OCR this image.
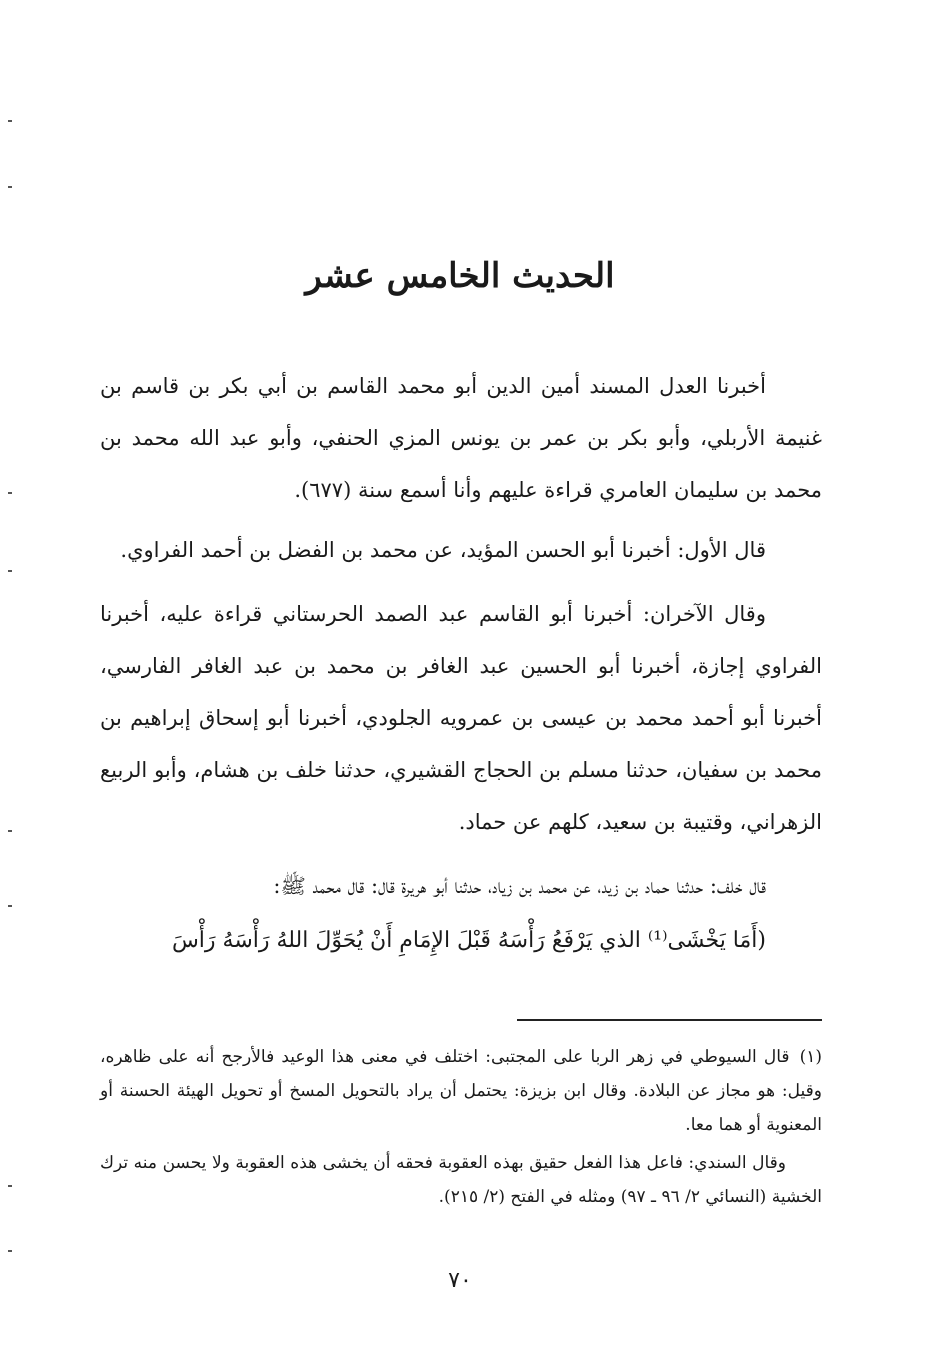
الحديث الخامس عشر

أخبرنا العدل المسند أمين الدين أبو محمد القاسم بن أبي بكر بن قاسم بن غنيمة الأربلي، وأبو بكر بن عمر بن يونس المزي الحنفي، وأبو عبد الله محمد بن محمد بن سليمان العامري قراءة عليهم وأنا أسمع سنة (٦٧٧).

قال الأول: أخبرنا أبو الحسن المؤيد، عن محمد بن الفضل بن أحمد الفراوي.

وقال الآخران: أخبرنا أبو القاسم عبد الصمد الحرستاني قراءة عليه، أخبرنا الفراوي إجازة، أخبرنا أبو الحسين عبد الغافر بن محمد بن عبد الغافر الفارسي، أخبرنا أبو أحمد محمد بن عيسى بن عمرويه الجلودي، أخبرنا أبو إسحاق إبراهيم بن محمد بن سفيان، حدثنا مسلم بن الحجاج القشيري، حدثنا خلف بن هشام، وأبو الربيع الزهراني، وقتيبة بن سعيد، كلهم عن حماد.

قال خلف: حدثنا حماد بن زيد، عن محمد بن زياد، حدثنا أبو هريرة قال: قال محمد ﷺ:

(أَمَا يَخْشَى⁽¹⁾ الذي يَرْفَعُ رَأْسَهُ قَبْلَ الإِمَامِ أَنْ يُحَوِّلَ اللهُ رَأْسَهُ رَأْسَ

(١)قال السيوطي في زهر الربا على المجتبى: اختلف في معنى هذا الوعيد فالأرجح أنه على ظاهره، وقيل: هو مجاز عن البلادة. وقال ابن بزيزة: يحتمل أن يراد بالتحويل المسخ أو تحويل الهيئة الحسنة أو المعنوية أو هما معا.

وقال السندي: فاعل هذا الفعل حقيق بهذه العقوبة فحقه أن يخشى هذه العقوبة ولا يحسن منه ترك الخشية (النسائي ٢/ ٩٦ ـ ٩٧) ومثله في الفتح (٢/ ٢١٥).

٧٠
